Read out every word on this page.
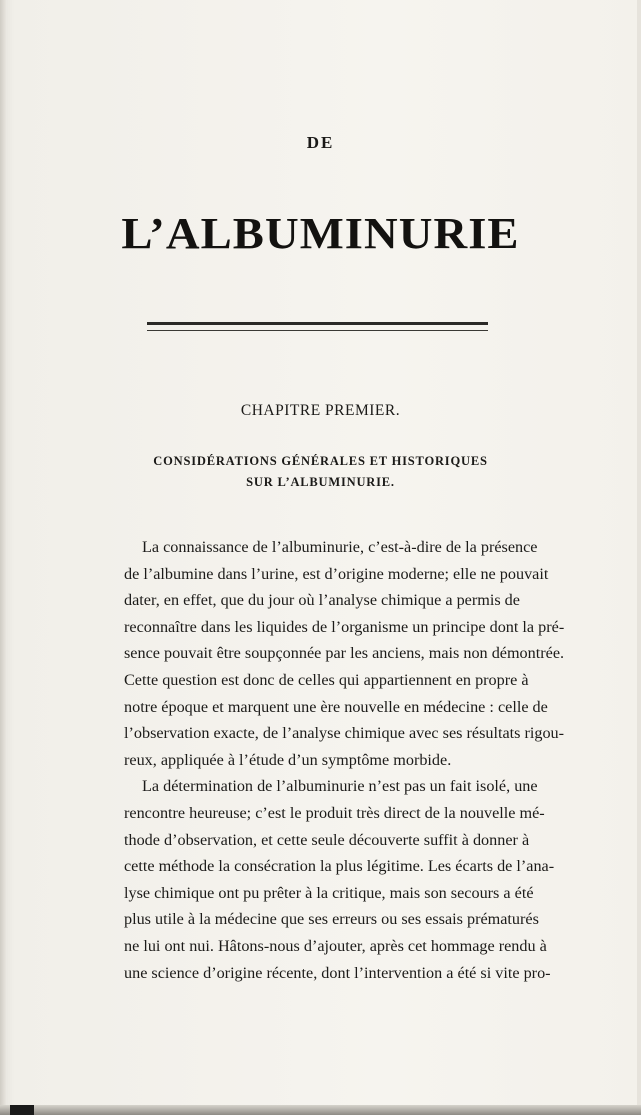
DE
L’ALBUMINURIE
CHAPITRE PREMIER.
CONSIDÉRATIONS GÉNÉRALES ET HISTORIQUES
SUR L’ALBUMINURIE.
La connaissance de l’albuminurie, c’est-à-dire de la présence
de l’albumine dans l’urine, est d’origine moderne; elle ne pouvait
dater, en effet, que du jour où l’analyse chimique a permis de
reconnaître dans les liquides de l’organisme un principe dont la pré-
sence pouvait être soupçonnée par les anciens, mais non démontrée.
Cette question est donc de celles qui appartiennent en propre à
notre époque et marquent une ère nouvelle en médecine : celle de
l’observation exacte, de l’analyse chimique avec ses résultats rigou-
reux, appliquée à l’étude d’un symptôme morbide.
La détermination de l’albuminurie n’est pas un fait isolé, une
rencontre heureuse; c’est le produit très direct de la nouvelle mé-
thode d’observation, et cette seule découverte suffit à donner à
cette méthode la consécration la plus légitime. Les écarts de l’ana-
lyse chimique ont pu prêter à la critique, mais son secours a été
plus utile à la médecine que ses erreurs ou ses essais prématurés
ne lui ont nui. Hâtons-nous d’ajouter, après cet hommage rendu à
une science d’origine récente, dont l’intervention a été si vite pro-
